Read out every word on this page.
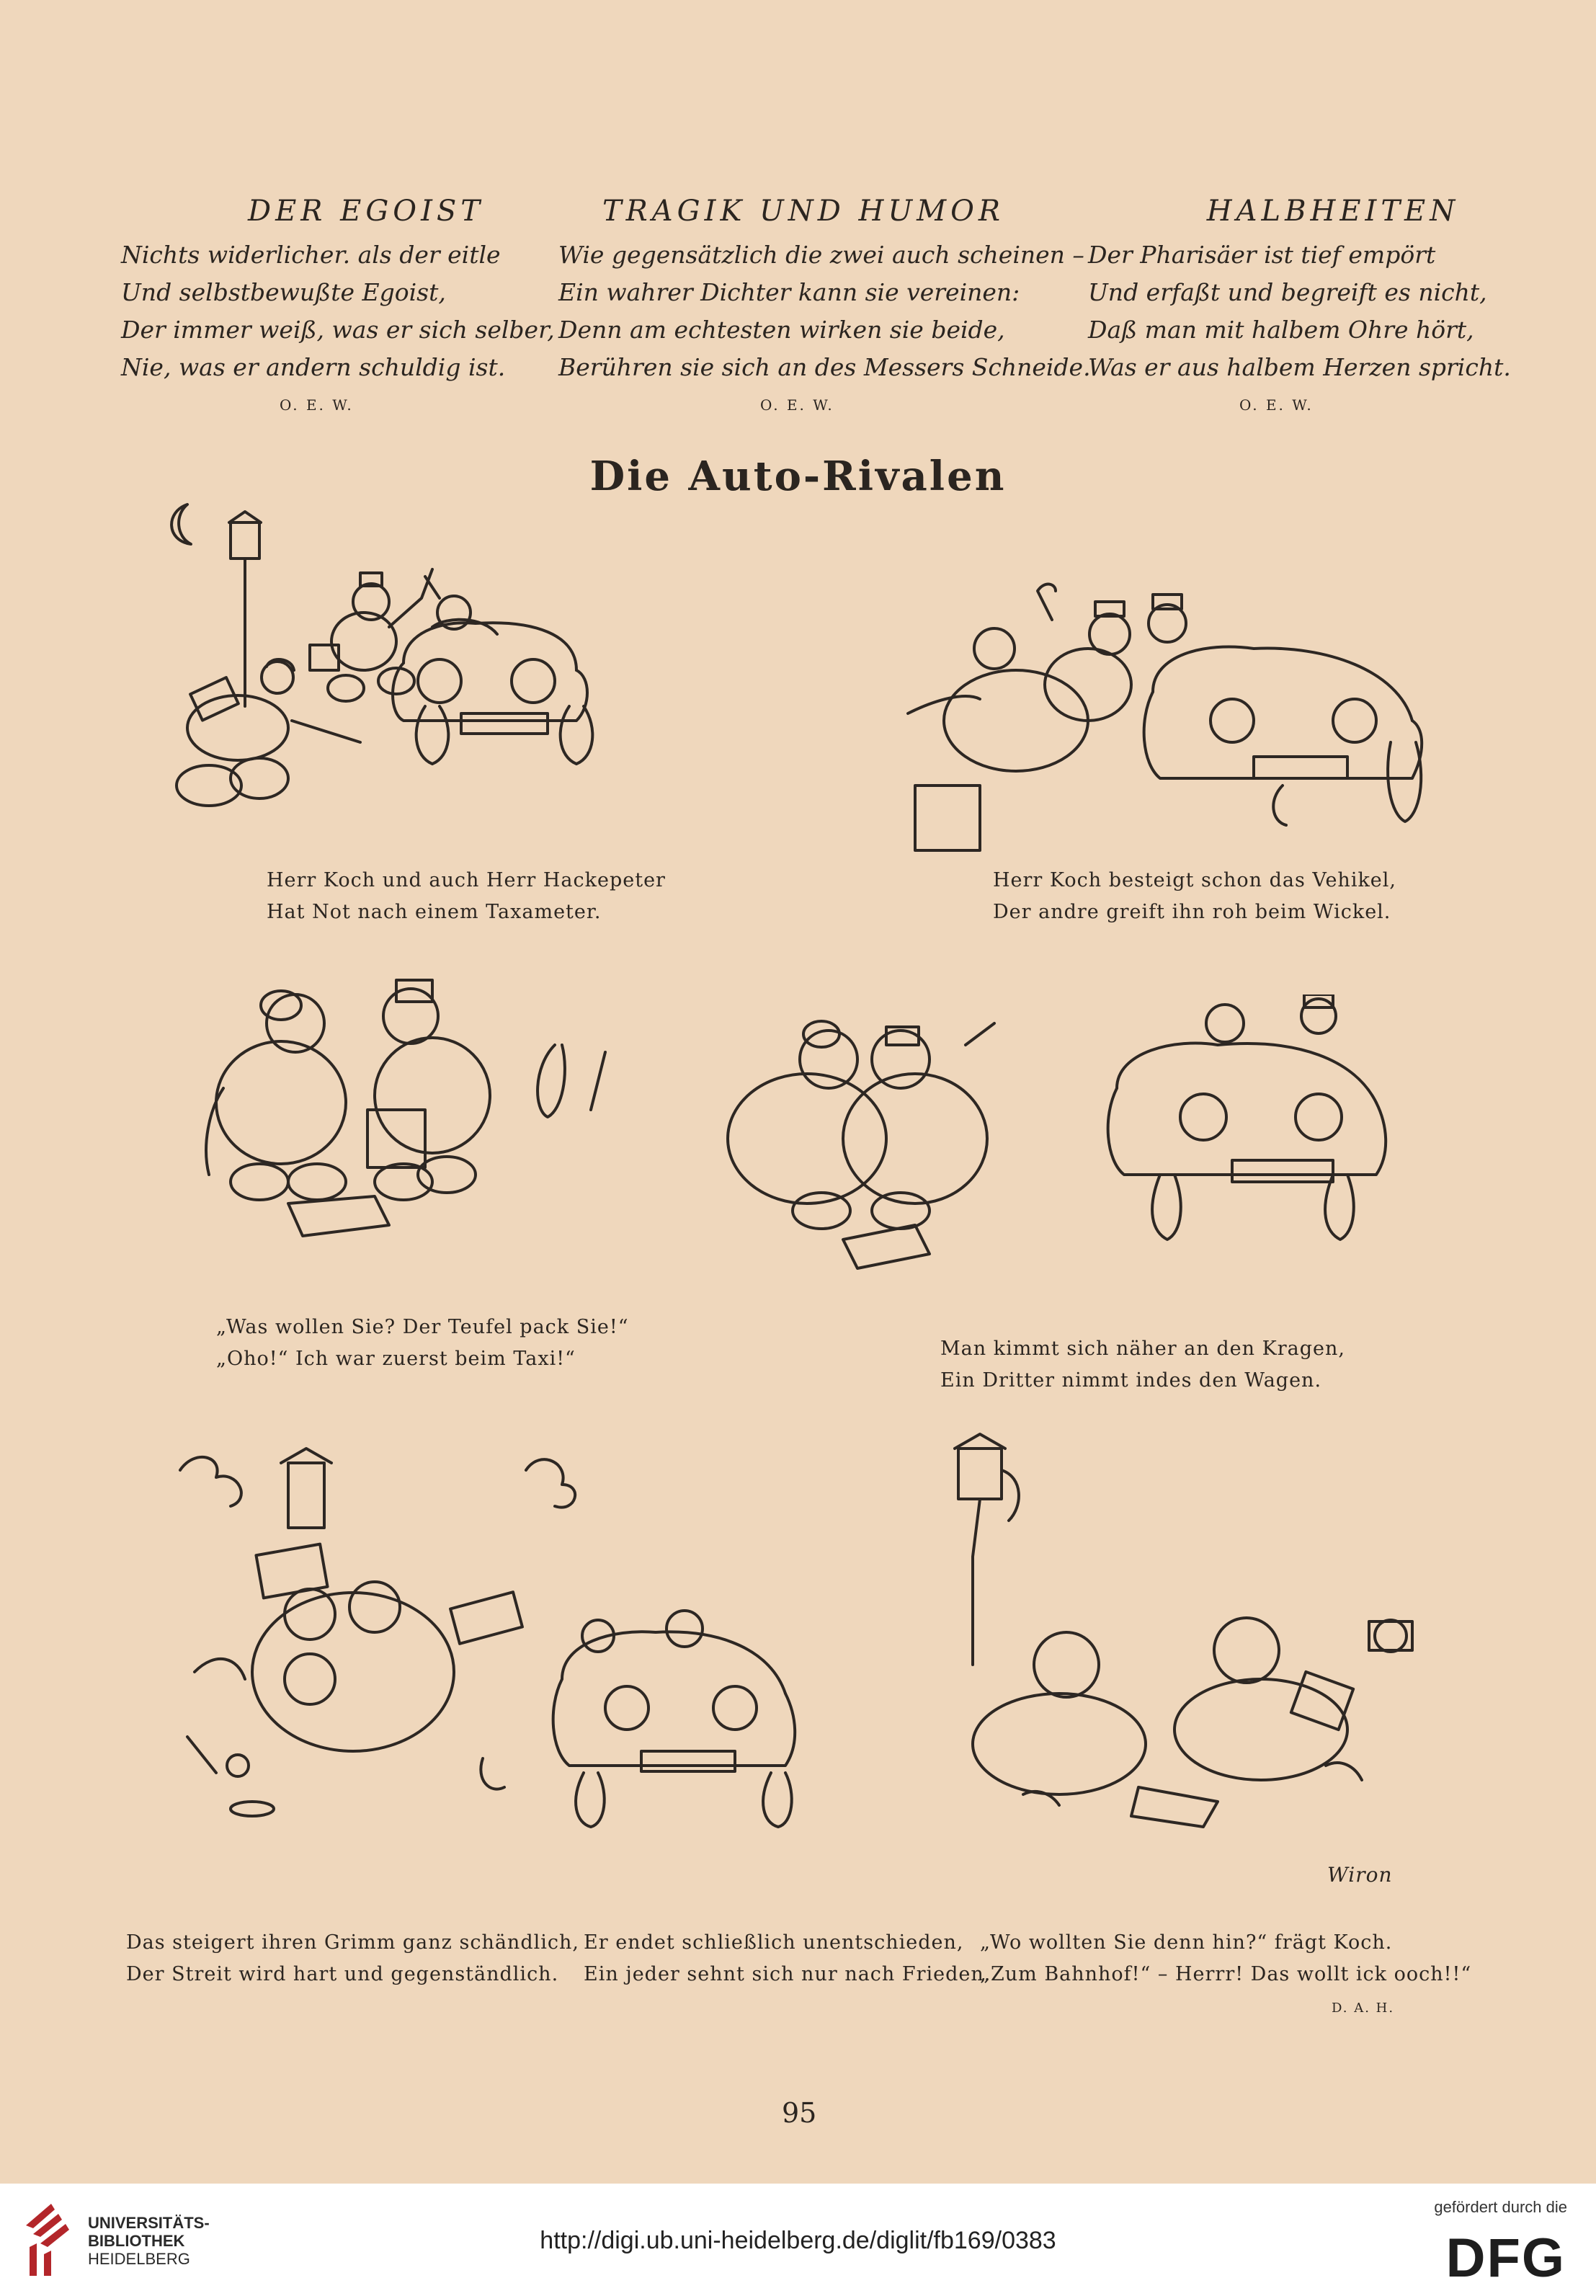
DER EGOIST
Nichts widerlicher. als der eitle
Und selbstbewußte Egoist,
Der immer weiß, was er sich selber,
Nie, was er andern schuldig ist.
O. E. W.
TRAGIK UND HUMOR
Wie gegensätzlich die zwei auch scheinen –
Ein wahrer Dichter kann sie vereinen:
Denn am echtesten wirken sie beide,
Berühren sie sich an des Messers Schneide.
O. E. W.
HALBHEITEN
Der Pharisäer ist tief empört
Und erfaßt und begreift es nicht,
Daß man mit halbem Ohre hört,
Was er aus halbem Herzen spricht.
O. E. W.
Die Auto-Rivalen
Herr Koch und auch Herr Hackepeter
Hat Not nach einem Taxameter.
Herr Koch besteigt schon das Vehikel,
Der andre greift ihn roh beim Wickel.
„Was wollen Sie? Der Teufel pack Sie!“
„Oho!“ Ich war zuerst beim Taxi!“	Man kimmt sich näher an den Kragen,
Ein Dritter nimmt indes den Wagen.
Das steigert ihren Grimm ganz schändlich,
Der Streit wird hart und gegenständlich.
Er endet schließlich unentschieden,
Ein jeder sehnt sich nur nach Frieden.
„Wo wollten Sie denn hin?“ frägt Koch.
„Zum Bahnhof!“ – Herrr! Das wollt ick ooch!!“
D. A. H.
Wiron
95
UNIVERSITÄTS-
BIBLIOTHEK
HEIDELBERG
http://digi.ub.uni-heidelberg.de/diglit/fb169/0383
gefördert durch die
DFG
